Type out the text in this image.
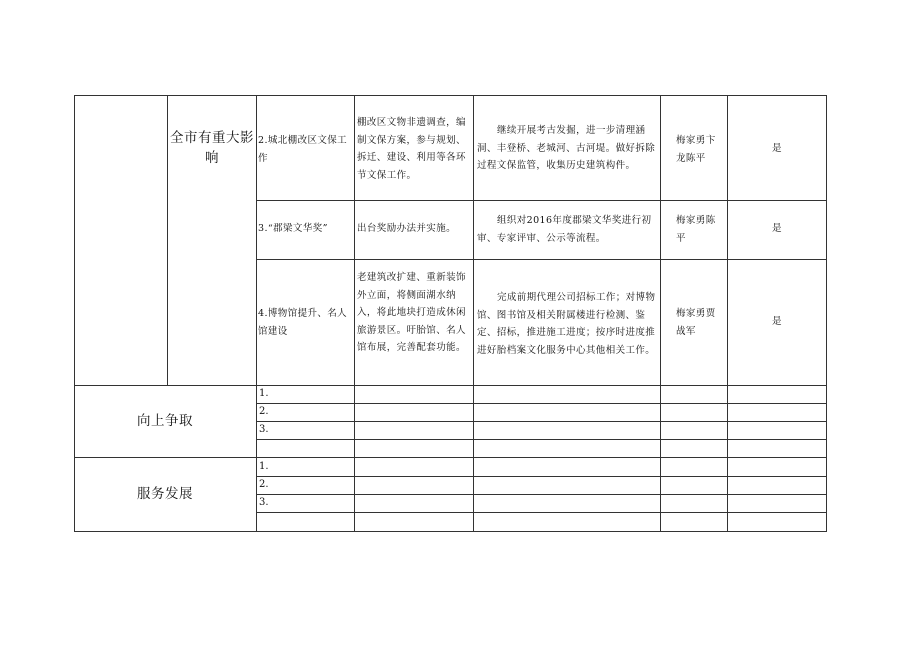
全市有重大影响
2.城北棚改区文保工作
棚改区文物非遗调查，编制文保方案，参与规划、拆迁、建设、利用等各环节文保工作。
继续开展考古发掘，进一步清理涵洞、丰登桥、老城河、古河堤。做好拆除过程文保监管，收集历史建筑构件。
梅家勇卞龙陈平
是
3.“郡梁文华奖”	出台奖励办法并实施。
组织对2016年度郡梁文华奖进行初审、专家评审、公示等流程。
梅家勇陈平
是
4.博物馆提升、名人馆建设
老建筑改扩建、重新装饰外立面，将侧面湖水纳入，将此地块打造成休闲旅游景区。吁胎馆、名人馆布展，完善配套功能。
完成前期代理公司招标工作；对博物馆、图书馆及相关附属楼进行检测、鉴定、招标，推进施工进度；按序时进度推进好胎档案文化服务中心其他相关工作。
梅家勇贾战军
是
向上争取
1.
2.
3.
服务发展
1.
2.
3.
